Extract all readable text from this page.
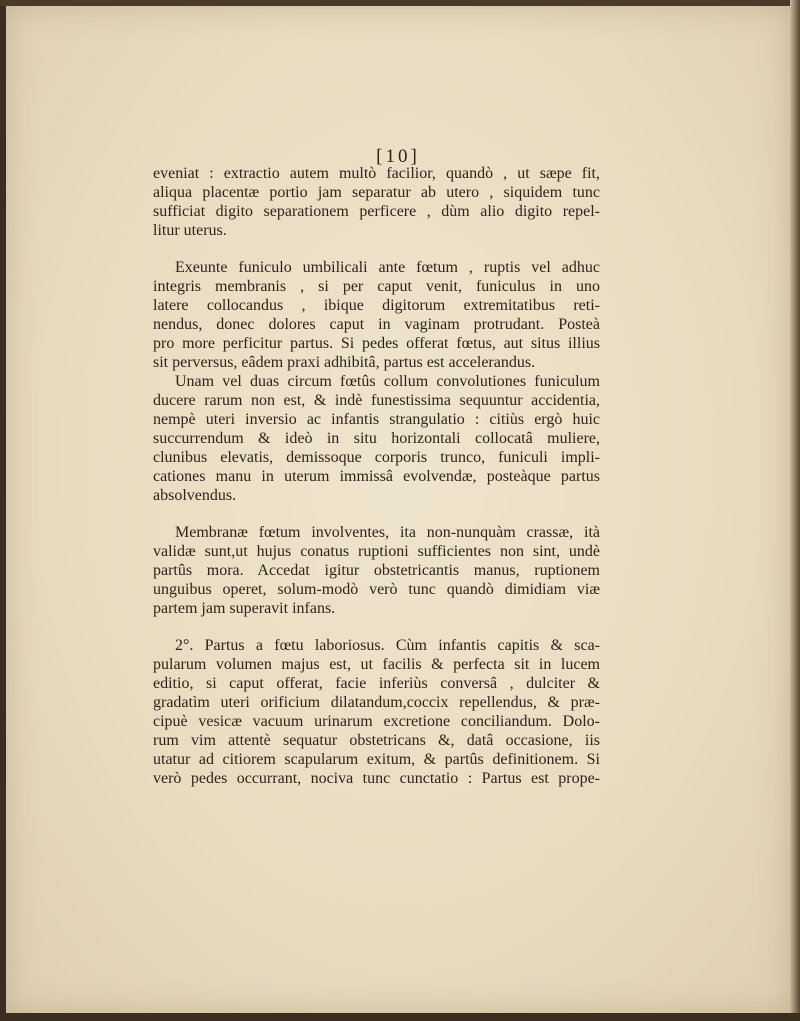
[10]
eveniat : extractio autem multò facilior, quandò , ut sæpe fit,
aliqua placentæ portio jam separatur ab utero , siquidem tunc
sufficiat digito separationem perficere , dùm alio digito repel-
litur uterus.
Exeunte funiculo umbilicali ante fœtum , ruptis vel adhuc
integris membranis , si per caput venit, funiculus in uno
latere collocandus , ibique digitorum extremitatibus reti-
nendus, donec dolores caput in vaginam protrudant. Posteà
pro more perficitur partus. Si pedes offerat fœtus, aut situs illius
sit perversus, eâdem praxi adhibitâ, partus est accelerandus.
Unam vel duas circum fœtûs collum convolutiones funiculum
ducere rarum non est, & indè funestissima sequuntur accidentia,
nempè uteri inversio ac infantis strangulatio : citiùs ergò huic
succurrendum & ideò in situ horizontali collocatâ muliere,
clunibus elevatis, demissoque corporis trunco, funiculi impli-
cationes manu in uterum immissâ evolvendæ, posteàque partus
absolvendus.
Membranæ fœtum involventes, ita non-nunquàm crassæ, ità
validæ sunt,ut hujus conatus ruptioni sufficientes non sint, undè
partûs mora. Accedat igitur obstetricantis manus, ruptionem
unguibus operet, solum-modò verò tunc quandò dimidiam viæ
partem jam superavit infans.
2°. Partus a fœtu laboriosus. Cùm infantis capitis & sca-
pularum volumen majus est, ut facilis & perfecta sit in lucem
editio, si caput offerat, facie inferiùs conversâ , dulciter &
gradatìm uteri orificium dilatandum,coccix repellendus, & præ-
cipuè vesicæ vacuum urinarum excretione conciliandum. Dolo-
rum vim attentè sequatur obstetricans &, datâ occasione, iis
utatur ad citiorem scapularum exitum, & partûs definitionem. Si
verò pedes occurrant, nociva tunc cunctatio : Partus est prope-
